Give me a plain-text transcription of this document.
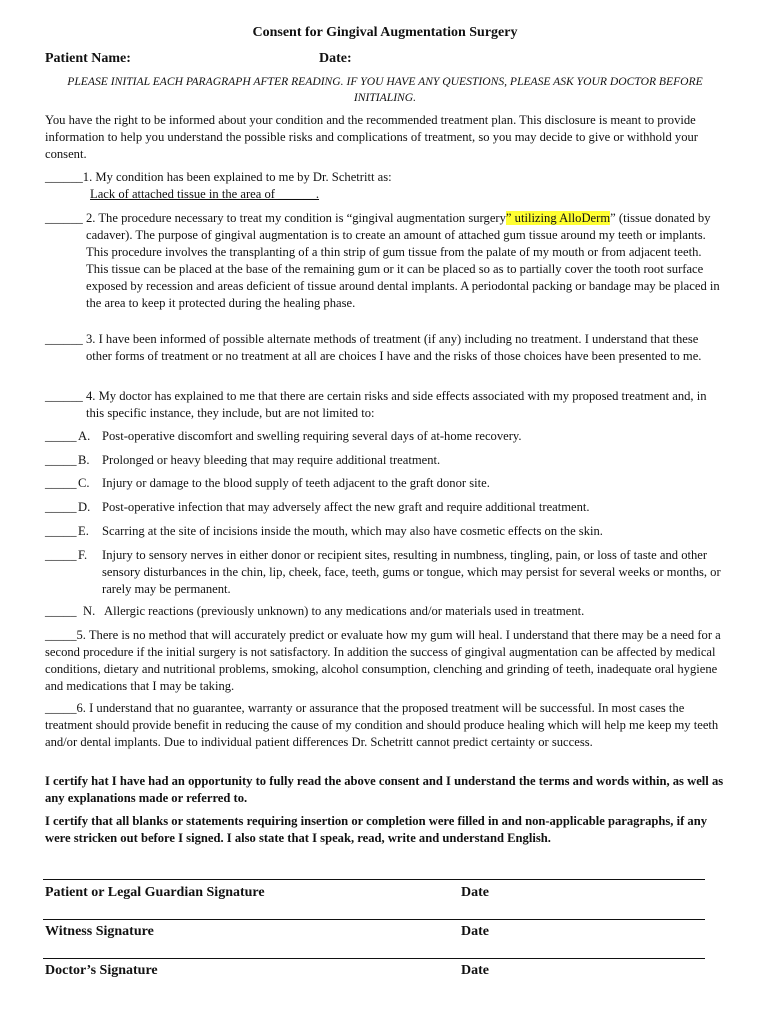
Consent for Gingival Augmentation Surgery
Patient Name:	Date:
PLEASE INITIAL EACH PARAGRAPH AFTER READING. IF YOU HAVE ANY QUESTIONS, PLEASE ASK YOUR DOCTOR BEFORE INITIALING.
You have the right to be informed about your condition and the recommended treatment plan. This disclosure is meant to provide information to help you understand the possible risks and complications of treatment, so you may decide to give or withhold your consent.
______1. My condition has been explained to me by Dr. Schetritt as:
Lack of attached tissue in the area of ______.
______ 2. The procedure necessary to treat my condition is “gingival augmentation surgery” utilizing AlloDerm” (tissue donated by cadaver). The purpose of gingival augmentation is to create an amount of attached gum tissue around my teeth or implants. This procedure involves the transplanting of a thin strip of gum tissue from the palate of my mouth or from adjacent teeth. This tissue can be placed at the base of the remaining gum or it can be placed so as to partially cover the tooth root surface exposed by recession and areas deficient of tissue around dental implants. A periodontal packing or bandage may be placed in the area to keep it protected during the healing phase.
______ 3. I have been informed of possible alternate methods of treatment (if any) including no treatment. I understand that these other forms of treatment or no treatment at all are choices I have and the risks of those choices have been presented to me.
______ 4. My doctor has explained to me that there are certain risks and side effects associated with my proposed treatment and, in this specific instance, they include, but are not limited to:
_____ A. Post-operative discomfort and swelling requiring several days of at-home recovery.
_____ B. Prolonged or heavy bleeding that may require additional treatment.
_____ C. Injury or damage to the blood supply of teeth adjacent to the graft donor site.
_____ D. Post-operative infection that may adversely affect the new graft and require additional treatment.
_____ E.	Scarring at the site of incisions inside the mouth, which may also have cosmetic effects on the skin.
_____ F.	Injury to sensory nerves in either donor or recipient sites, resulting in numbness, tingling, pain, or loss of taste and other sensory disturbances in the chin, lip, cheek, face, teeth, gums or tongue, which may persist for several weeks or months, or rarely may be permanent.
_____ N. Allergic reactions (previously unknown) to any medications and/or materials used in treatment.
_____5. There is no method that will accurately predict or evaluate how my gum will heal. I understand that there may be a need for a second procedure if the initial surgery is not satisfactory. In addition the success of gingival augmentation can be affected by medical conditions, dietary and nutritional problems, smoking, alcohol consumption, clenching and grinding of teeth, inadequate oral hygiene and medications that I may be taking.
_____6. I understand that no guarantee, warranty or assurance that the proposed treatment will be successful. In most cases the treatment should provide benefit in reducing the cause of my condition and should produce healing which will help me keep my teeth and/or dental implants. Due to individual patient differences Dr. Schetritt cannot predict certainty or success.
I certify hat I have had an opportunity to fully read the above consent and I understand the terms and words within, as well as any explanations made or referred to.
I certify that all blanks or statements requiring insertion or completion were filled in and non-applicable paragraphs, if any were stricken out before I signed. I also state that I speak, read, write and understand English.
Patient or Legal Guardian Signature	Date
Witness Signature	Date
Doctor’s Signature	Date
